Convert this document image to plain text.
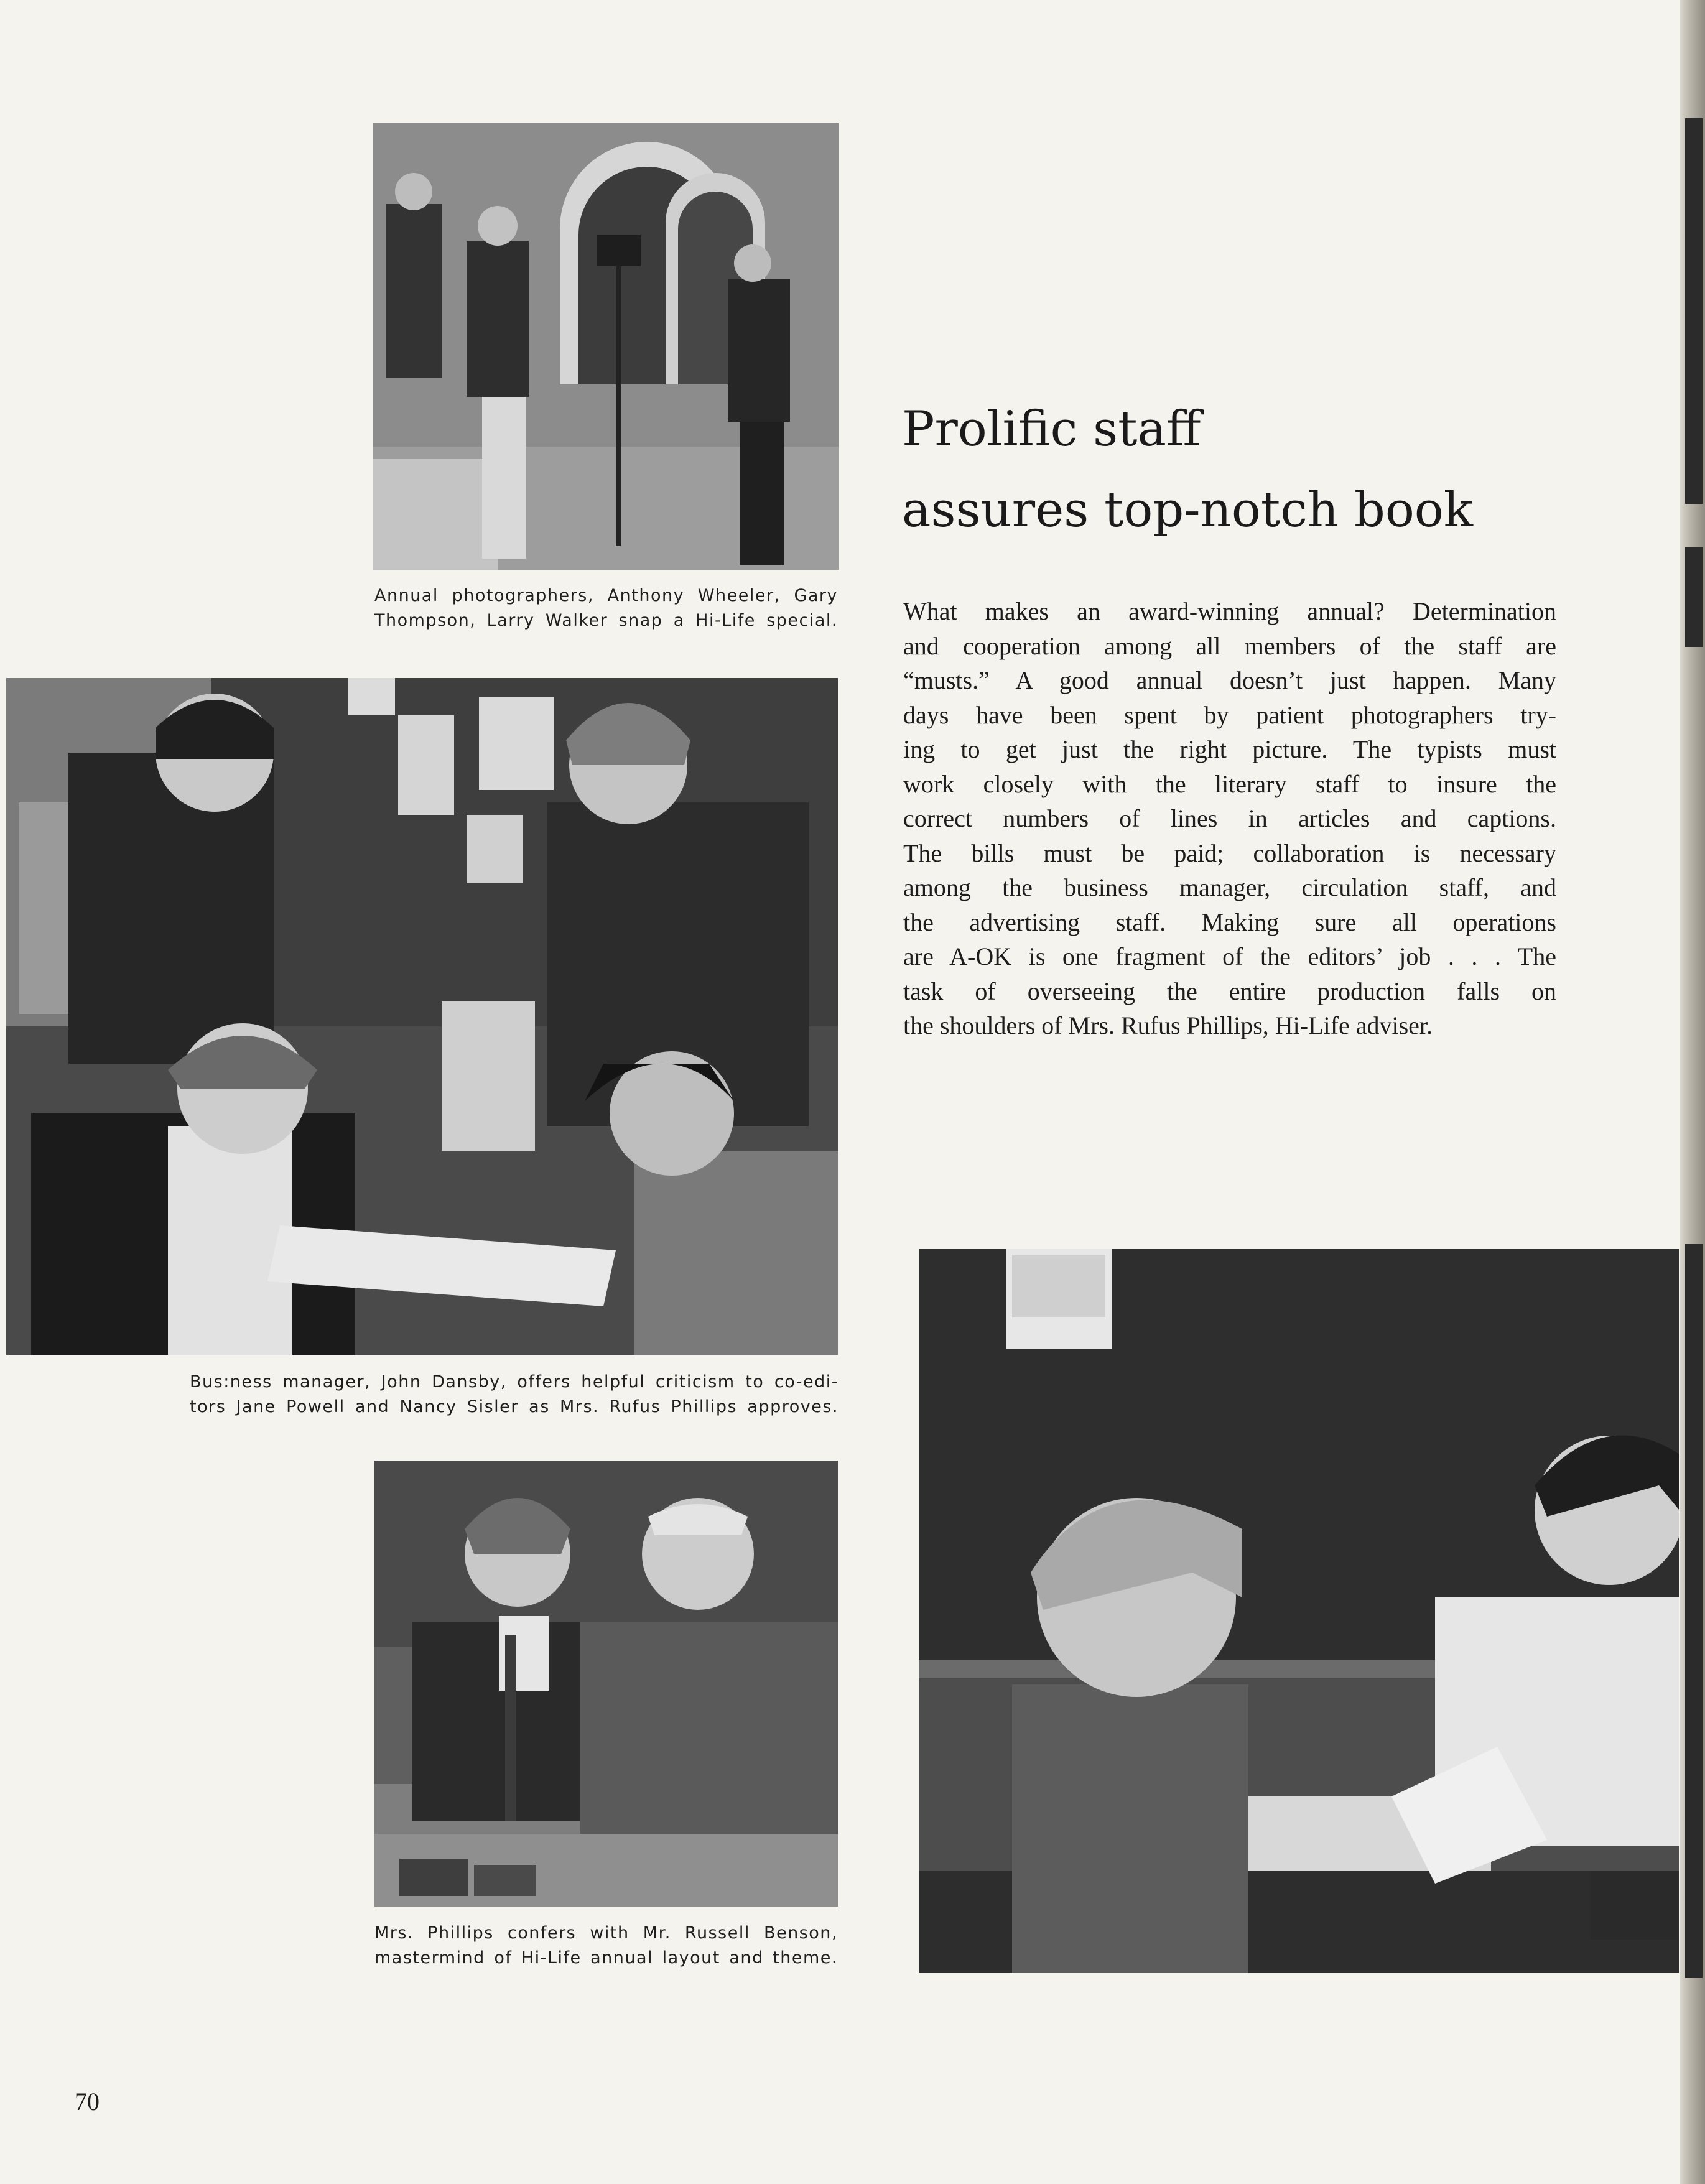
Annual photographers, Anthony Wheeler, Gary
Thompson, Larry Walker snap a Hi-Life special.
Prolific staff
assures top-notch book
What makes an award-winning annual? Determination
and cooperation among all members of the staff are
“musts.” A good annual doesn’t just happen. Many
days have been spent by patient photographers try-
ing to get just the right picture. The typists must
work closely with the literary staff to insure the
correct numbers of lines in articles and captions.
The bills must be paid; collaboration is necessary
among the business manager, circulation staff, and
the advertising staff. Making sure all operations
are A-OK is one fragment of the editors’ job . . . The
task of overseeing the entire production falls on
the shoulders of Mrs. Rufus Phillips, Hi-Life adviser.
Bus:ness manager, John Dansby, offers helpful criticism to co-edi-
tors Jane Powell and Nancy Sisler as Mrs. Rufus Phillips approves.
Mrs. Phillips confers with Mr. Russell Benson,
mastermind of Hi-Life annual layout and theme.
70
